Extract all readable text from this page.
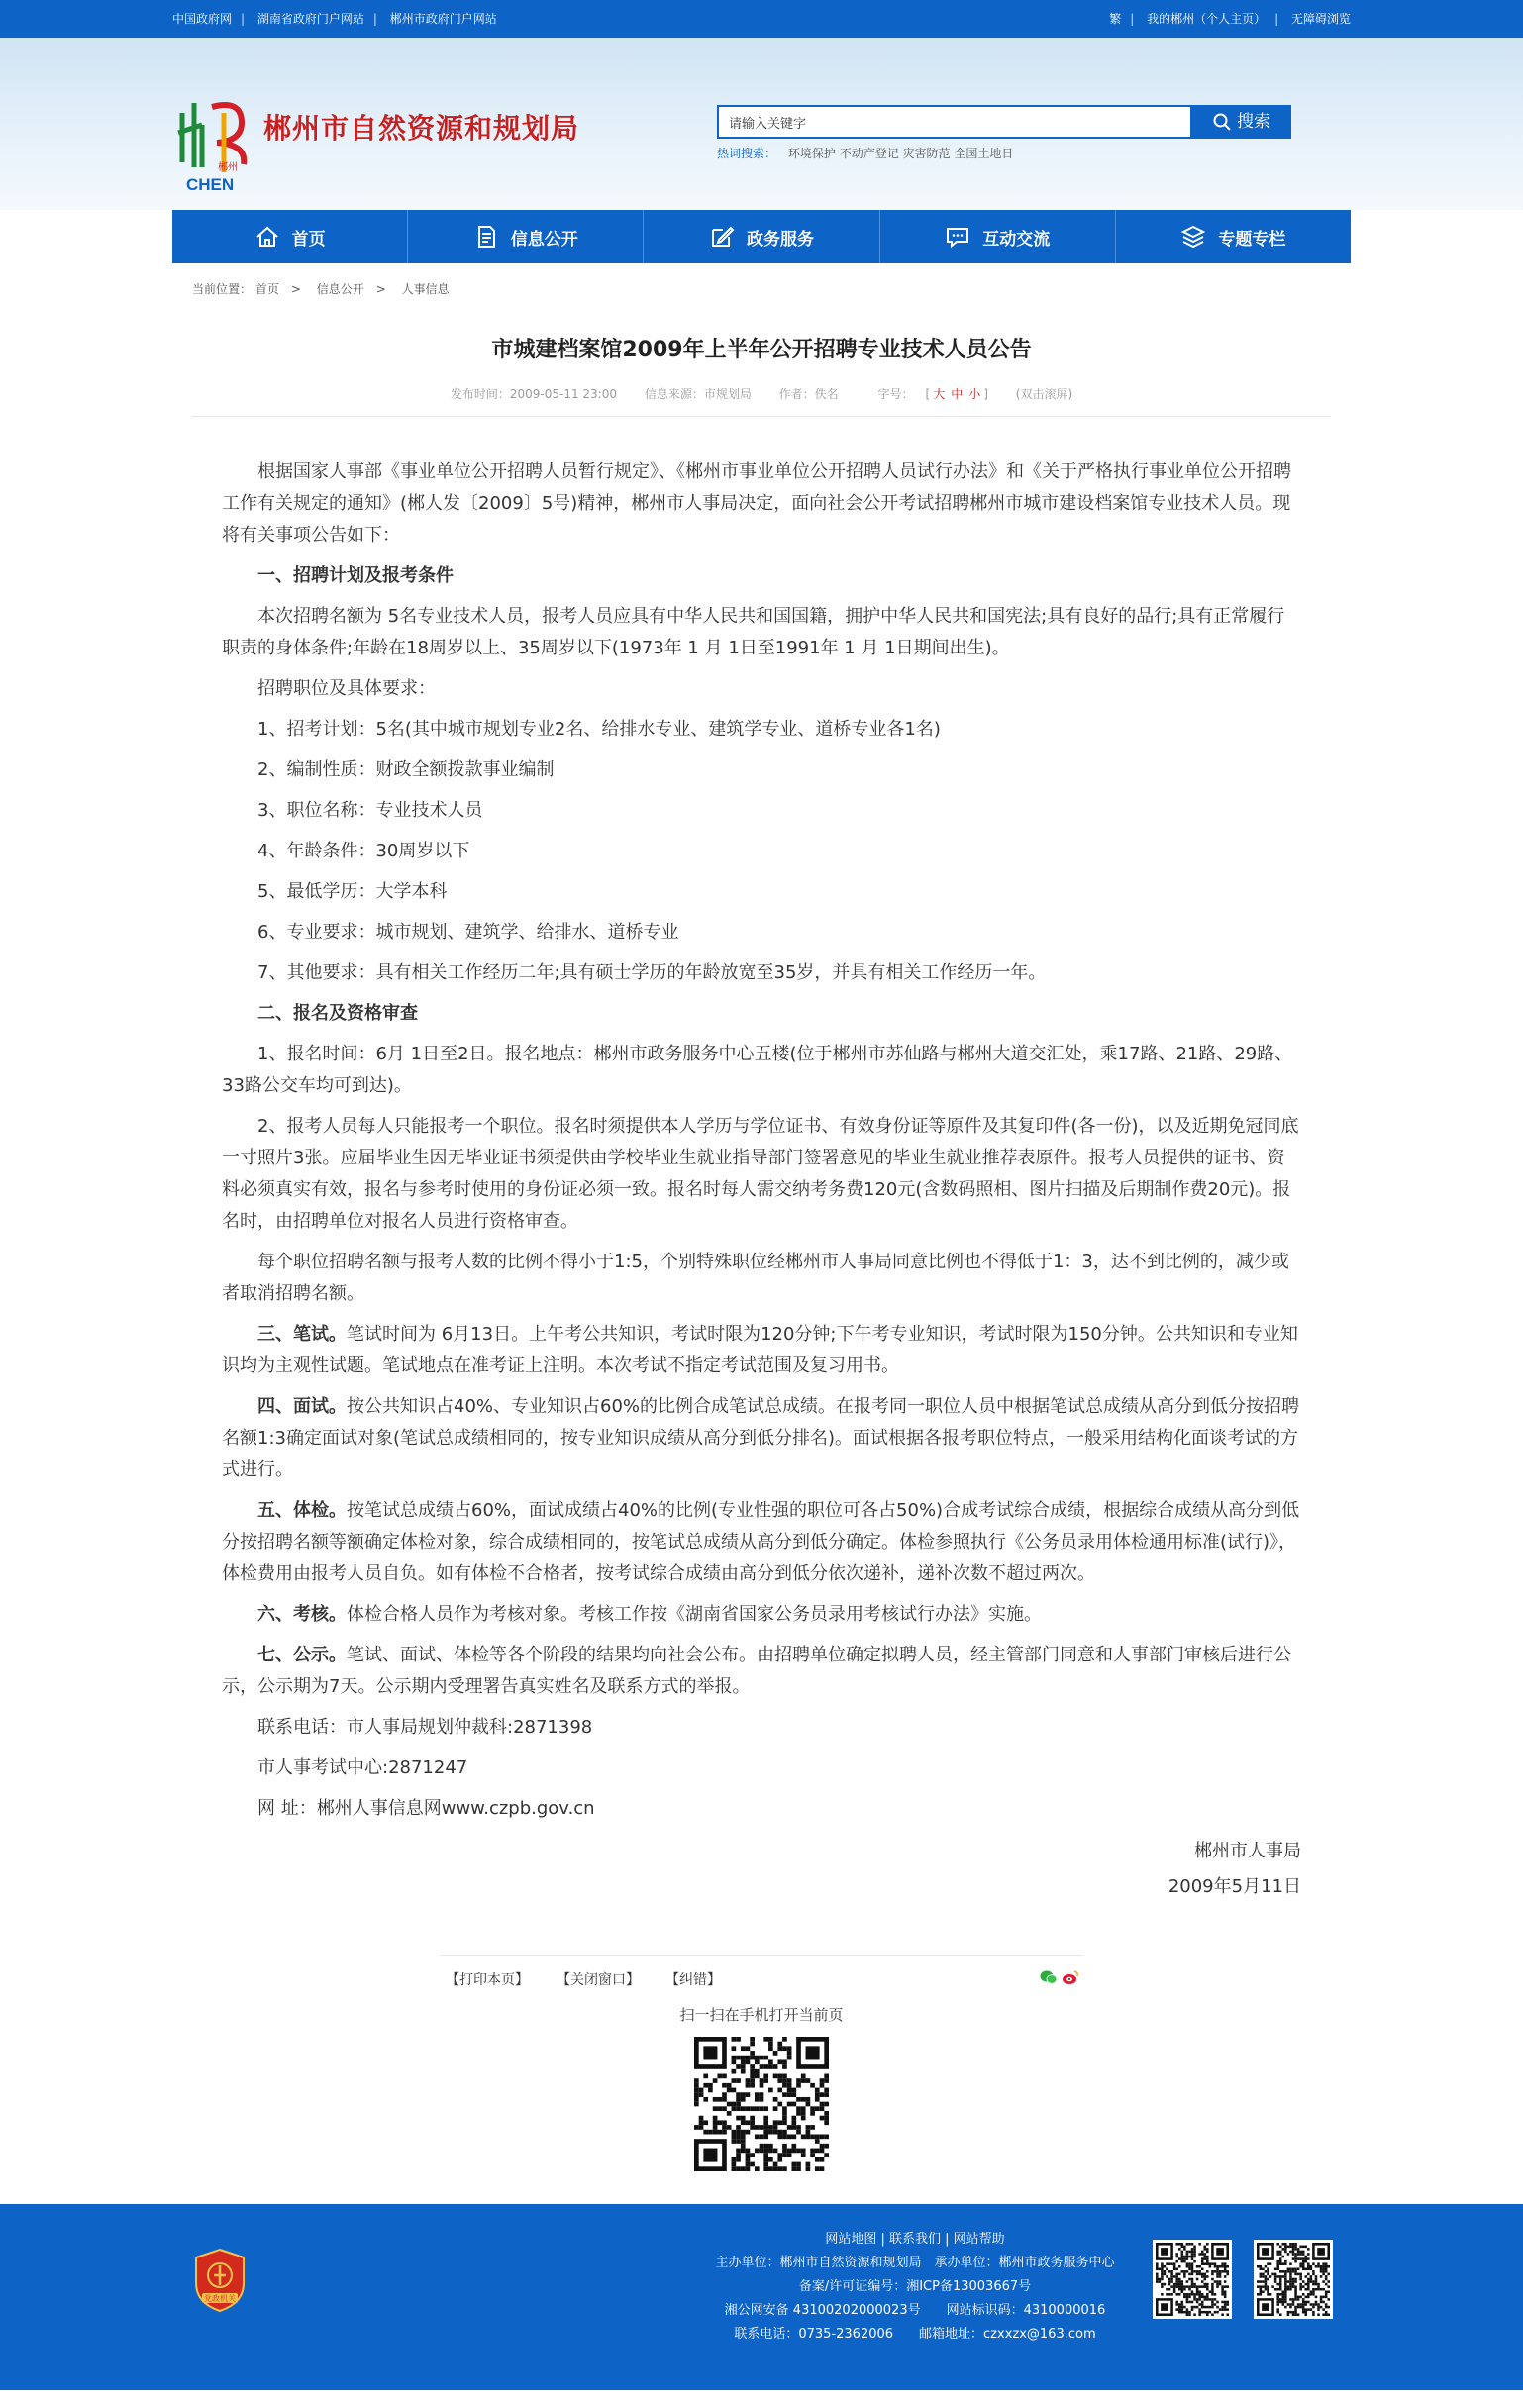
中国政府网 | 湖南省政府门户网站 | 郴州市政府门户网站	繁 | 我的郴州（个人主页） | 无障碍浏览
郴州
CHEN
郴州市自然资源和规划局
请输入关键字	搜索
热词搜索： 环境保护 不动产登记 灾害防范 全国土地日
首页	信息公开	政务服务	互动交流	专题专栏
当前位置： 首页 > 信息公开 > 人事信息
市城建档案馆2009年上半年公开招聘专业技术人员公告
发布时间：2009-05-11 23:00 信息来源：市规划局 作者：佚名	字号： [ 大 中 小 ] (双击滚屏)

根据国家人事部《事业单位公开招聘人员暂行规定》、《郴州市事业单位公开招聘人员试行办法》和《关于严格执行事业单位公开招聘工作有关规定的通知》(郴人发〔2009〕5号)精神，郴州市人事局决定，面向社会公开考试招聘郴州市城市建设档案馆专业技术人员。现将有关事项公告如下：

一、招聘计划及报考条件

本次招聘名额为 5名专业技术人员，报考人员应具有中华人民共和国国籍，拥护中华人民共和国宪法;具有良好的品行;具有正常履行职责的身体条件;年龄在18周岁以上、35周岁以下(1973年 1 月 1日至1991年 1 月 1日期间出生)。

招聘职位及具体要求：

1、招考计划：5名(其中城市规划专业2名、给排水专业、建筑学专业、道桥专业各1名)

2、编制性质：财政全额拨款事业编制

3、职位名称：专业技术人员

4、年龄条件：30周岁以下

5、最低学历：大学本科

6、专业要求：城市规划、建筑学、给排水、道桥专业

7、其他要求：具有相关工作经历二年;具有硕士学历的年龄放宽至35岁，并具有相关工作经历一年。

二、报名及资格审查

1、报名时间：6月 1日至2日。报名地点：郴州市政务服务中心五楼(位于郴州市苏仙路与郴州大道交汇处，乘17路、21路、29路、33路公交车均可到达)。

2、报考人员每人只能报考一个职位。报名时须提供本人学历与学位证书、有效身份证等原件及其复印件(各一份)，以及近期免冠同底一寸照片3张。应届毕业生因无毕业证书须提供由学校毕业生就业指导部门签署意见的毕业生就业推荐表原件。报考人员提供的证书、资料必须真实有效，报名与参考时使用的身份证必须一致。报名时每人需交纳考务费120元(含数码照相、图片扫描及后期制作费20元)。报名时，由招聘单位对报名人员进行资格审查。

每个职位招聘名额与报考人数的比例不得小于1:5，个别特殊职位经郴州市人事局同意比例也不得低于1：3，达不到比例的，减少或者取消招聘名额。

三、笔试。笔试时间为 6月13日。上午考公共知识，考试时限为120分钟;下午考专业知识，考试时限为150分钟。公共知识和专业知识均为主观性试题。笔试地点在准考证上注明。本次考试不指定考试范围及复习用书。

四、面试。按公共知识占40%、专业知识占60%的比例合成笔试总成绩。在报考同一职位人员中根据笔试总成绩从高分到低分按招聘名额1:3确定面试对象(笔试总成绩相同的，按专业知识成绩从高分到低分排名)。面试根据各报考职位特点，一般采用结构化面谈考试的方式进行。

五、体检。按笔试总成绩占60%，面试成绩占40%的比例(专业性强的职位可各占50%)合成考试综合成绩，根据综合成绩从高分到低分按招聘名额等额确定体检对象，综合成绩相同的，按笔试总成绩从高分到低分确定。体检参照执行《公务员录用体检通用标准(试行)》，体检费用由报考人员自负。如有体检不合格者，按考试综合成绩由高分到低分依次递补，递补次数不超过两次。

六、考核。体检合格人员作为考核对象。考核工作按《湖南省国家公务员录用考核试行办法》实施。

七、公示。笔试、面试、体检等各个阶段的结果均向社会公布。由招聘单位确定拟聘人员，经主管部门同意和人事部门审核后进行公示，公示期为7天。公示期内受理署告真实姓名及联系方式的举报。

联系电话：市人事局规划仲裁科:2871398

市人事考试中心:2871247

网 址：郴州人事信息网www.czpb.gov.cn

郴州市人事局

2009年5月11日

【打印本页】 【关闭窗口】 【纠错】

扫一扫在手机打开当前页
党政机关
网站地图 | 联系我们 | 网站帮助
主办单位：郴州市自然资源和规划局　承办单位：郴州市政务服务中心
备案/许可证编号：湘ICP备13003667号
湘公网安备 43100202000023号　　网站标识码：4310000016
联系电话：0735-2362006　　邮箱地址：czxxzx@163.com
